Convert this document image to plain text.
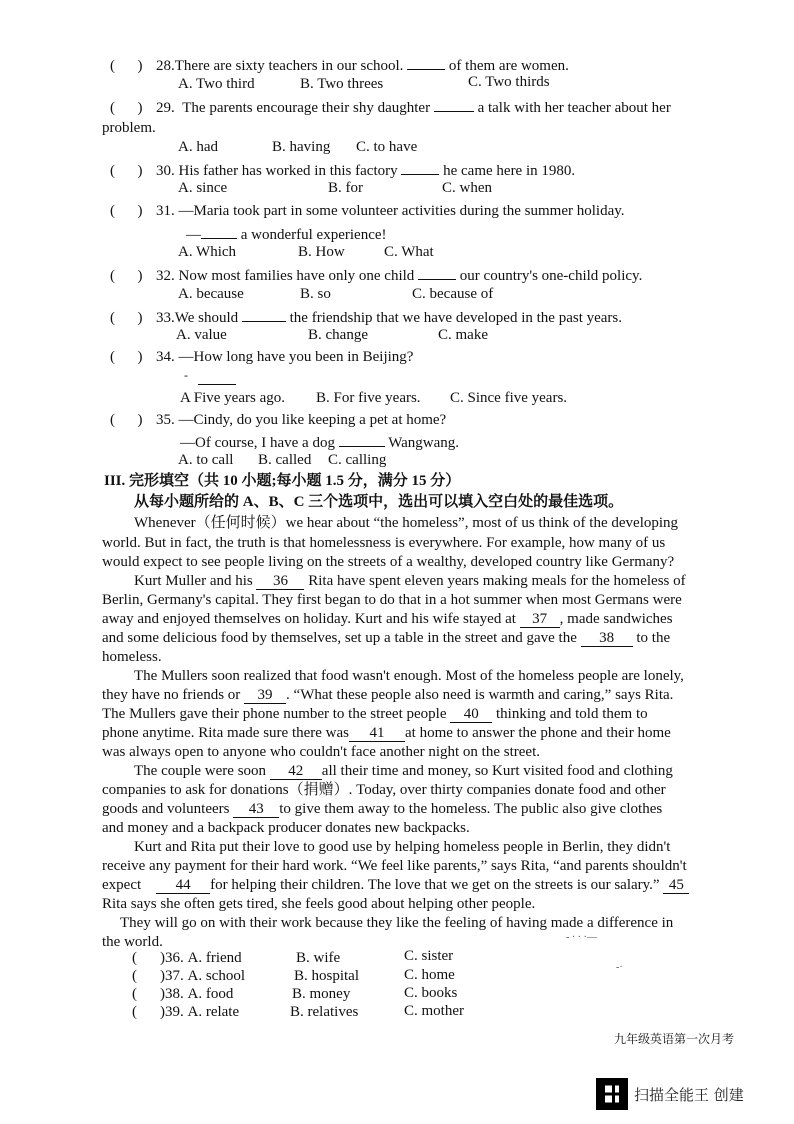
(      ) 28.There are sixty teachers in our school.	of them are women.
A. Two third	B. Two threes	C. Two thirds
(      ) 29. The parents encourage their shy daughter	a talk with her teacher about her
problem.
A. had	B. having C. to have
(      ) 30. His father has worked in this factory	he came here in 1980.
A. since	B. for	C. when
(      ) 31. —Maria took part in some volunteer activities during the summer holiday.
—	a wonderful experience!
A. Which	B. How	C. What
(      ) 32. Now most families have only one child	our country's one-child policy.
A. because	B. so	C. because of
(      ) 33.We should	the friendship that we have developed in the past years.
A. value	B. change	C. make
(      ) 34. —How long have you been in Beijing?
-
A Five years ago. B. For five years. C. Since five years.
(      ) 35. —Cindy, do you like keeping a pet at home?
—Of course, I have a dog	Wangwang.
A. to call B. called C. calling
III. 完形填空（共 10 小题;每小题 1.5 分，满分 15 分）
从每小题所给的 A、B、C 三个选项中，选出可以填入空白处的最佳选项。
Whenever（任何时候）we hear about “the homeless”, most of us think of the developing
world. But in fact, the truth is that homelessness is everywhere. For example, how many of us
would expect to see people living on the streets of a wealthy, developed country like Germany?
Kurt Muller and his 36 Rita have spent eleven years making meals for the homeless of
Berlin, Germany's capital. They first began to do that in a hot summer when most Germans were
away and enjoyed themselves on holiday. Kurt and his wife stayed at 37 , made sandwiches
and some delicious food by themselves, set up a table in the street and gave the 38 to the
homeless.
The Mullers soon realized that food wasn't enough. Most of the homeless people are lonely,
they have no friends or 39 . “What these people also need is warmth and caring,” says Rita.
The Mullers gave their phone number to the street people 40 thinking and told them to
phone anytime. Rita made sure there was 41 at home to answer the phone and their home
was always open to anyone who couldn't face another night on the street.
The couple were soon 42 all their time and money, so Kurt visited food and clothing
companies to ask for donations（捐赠）. Today, over thirty companies donate food and other
goods and volunteers 43 to give them away to the homeless. The public also give clothes
and money and a backpack producer donates new backpacks.
Kurt and Rita put their love to good use by helping homeless people in Berlin, they didn't
receive any payment for their hard work. “We feel like parents,” says Rita, “and parents shouldn't
expect 44 for helping their children. The love that we get on the streets is our salary.” 45
Rita says she often gets tired, she feels good about helping other people.
They will go on with their work because they like the feeling of having made a difference in
the world.	- · · ·—
-·
( )36. A. friend	B. wife	C. sister
( )37. A. school	B. hospital	C. home
( )38. A. food	B. money	C. books
( )39. A. relate	B. relatives	C. mother
九年级英语第一次月考
扫描全能王 创建
